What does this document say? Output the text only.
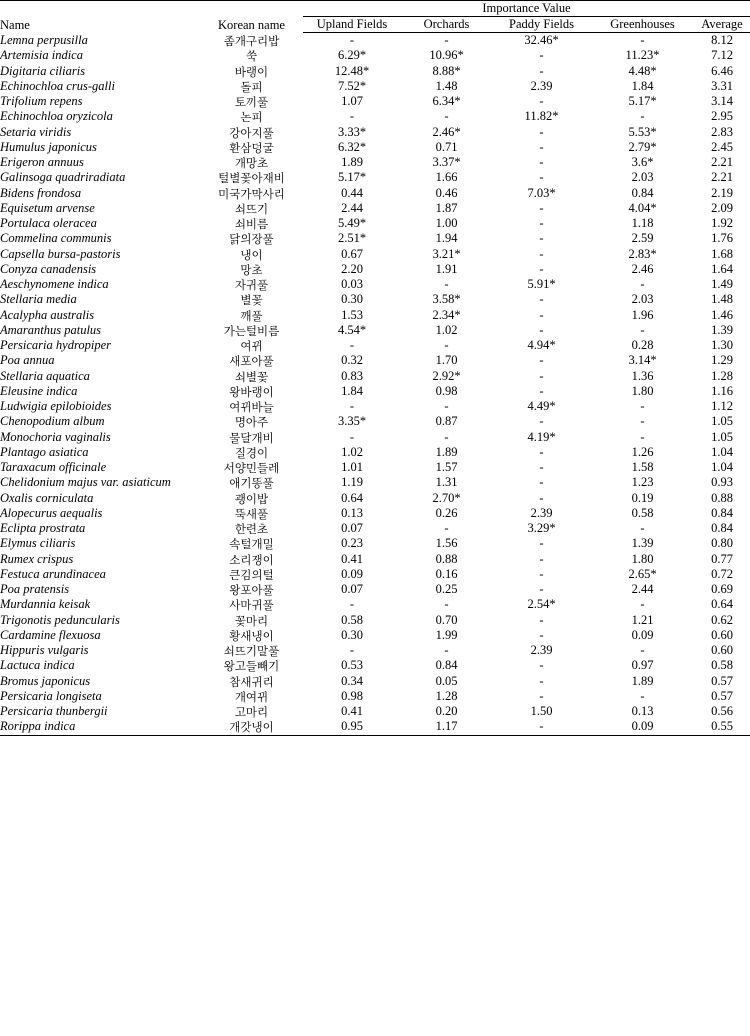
Name	Korean name	Importance Value				
		Upland Fields	Orchards	Paddy Fields	Greenhouses	Average
Lemna perpusilla	좀개구리밥	-	-	32.46*	-	8.12
Artemisia indica	쑥	6.29*	10.96*	-	11.23*	7.12
Digitaria ciliaris	바랭이	12.48*	8.88*	-	4.48*	6.46
Echinochloa crus-galli	돌피	7.52*	1.48	2.39	1.84	3.31
Trifolium repens	토끼풀	1.07	6.34*	-	5.17*	3.14
Echinochloa oryzicola	논피	-	-	11.82*	-	2.95
Setaria viridis	강아지풀	3.33*	2.46*	-	5.53*	2.83
Humulus japonicus	환삼덩굴	6.32*	0.71	-	2.79*	2.45
Erigeron annuus	개망초	1.89	3.37*	-	3.6*	2.21
Galinsoga quadriradiata	털별꽃아재비	5.17*	1.66	-	2.03	2.21
Bidens frondosa	미국가막사리	0.44	0.46	7.03*	0.84	2.19
Equisetum arvense	쇠뜨기	2.44	1.87	-	4.04*	2.09
Portulaca oleracea	쇠비름	5.49*	1.00	-	1.18	1.92
Commelina communis	닭의장풀	2.51*	1.94	-	2.59	1.76
Capsella bursa-pastoris	냉이	0.67	3.21*	-	2.83*	1.68
Conyza canadensis	망초	2.20	1.91	-	2.46	1.64
Aeschynomene indica	자귀풀	0.03	-	5.91*	-	1.49
Stellaria media	별꽃	0.30	3.58*	-	2.03	1.48
Acalypha australis	깨풀	1.53	2.34*	-	1.96	1.46
Amaranthus patulus	가는털비름	4.54*	1.02	-	-	1.39
Persicaria hydropiper	여뀌	-	-	4.94*	0.28	1.30
Poa annua	새포아풀	0.32	1.70	-	3.14*	1.29
Stellaria aquatica	쇠별꽃	0.83	2.92*	-	1.36	1.28
Eleusine indica	왕바랭이	1.84	0.98	-	1.80	1.16
Ludwigia epilobioides	여뀌바늘	-	-	4.49*	-	1.12
Chenopodium album	명아주	3.35*	0.87	-	-	1.05
Monochoria vaginalis	물달개비	-	-	4.19*	-	1.05
Plantago asiatica	질경이	1.02	1.89	-	1.26	1.04
Taraxacum officinale	서양민들레	1.01	1.57	-	1.58	1.04
Chelidonium majus var. asiaticum	애기똥풀	1.19	1.31	-	1.23	0.93
Oxalis corniculata	괭이밥	0.64	2.70*	-	0.19	0.88
Alopecurus aequalis	뚝새풀	0.13	0.26	2.39	0.58	0.84
Eclipta prostrata	한련초	0.07	-	3.29*	-	0.84
Elymus ciliaris	속털개밀	0.23	1.56	-	1.39	0.80
Rumex crispus	소리쟁이	0.41	0.88	-	1.80	0.77
Festuca arundinacea	큰김의털	0.09	0.16	-	2.65*	0.72
Poa pratensis	왕포아풀	0.07	0.25	-	2.44	0.69
Murdannia keisak	사마귀풀	-	-	2.54*	-	0.64
Trigonotis peduncularis	꽃마리	0.58	0.70	-	1.21	0.62
Cardamine flexuosa	황새냉이	0.30	1.99	-	0.09	0.60
Hippuris vulgaris	쇠뜨기말풀	-	-	2.39	-	0.60
Lactuca indica	왕고들빼기	0.53	0.84	-	0.97	0.58
Bromus japonicus	참새귀리	0.34	0.05	-	1.89	0.57
Persicaria longiseta	개여뀌	0.98	1.28	-	-	0.57
Persicaria thunbergii	고마리	0.41	0.20	1.50	0.13	0.56
Rorippa indica	개갓냉이	0.95	1.17	-	0.09	0.55
